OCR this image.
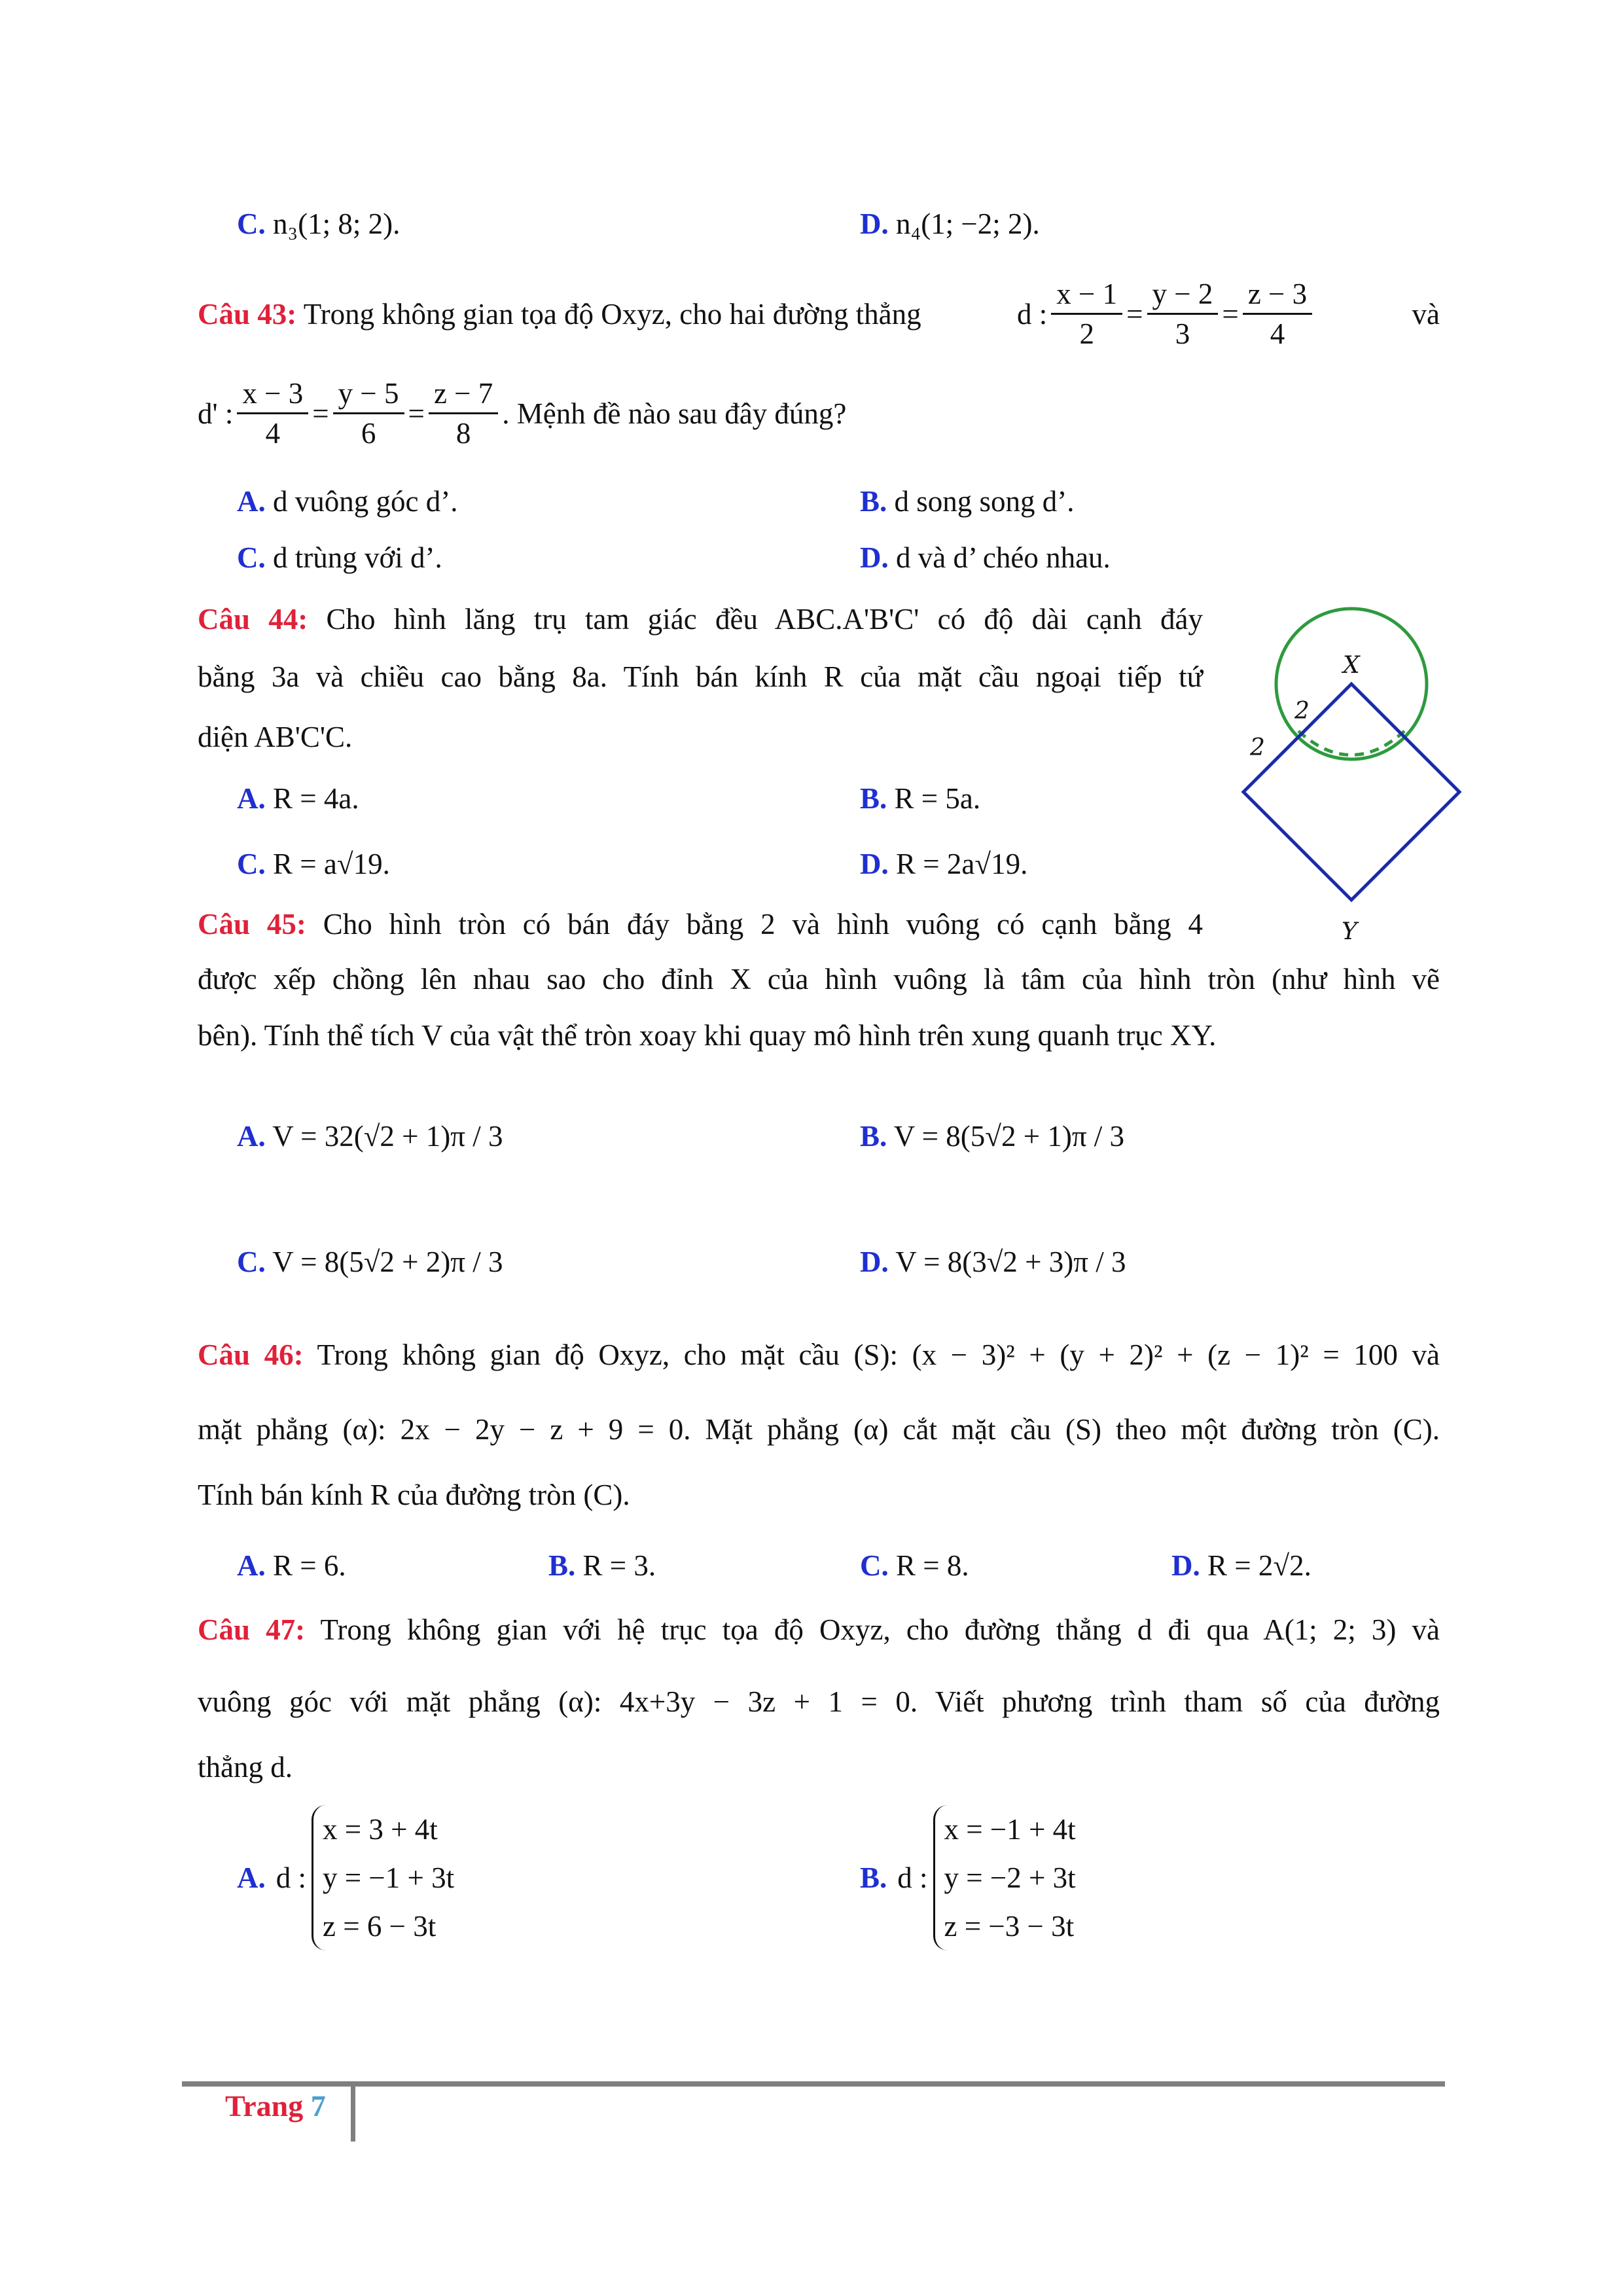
C. n₃(1; 8; 2).	D. n₄(1; −2; 2).
Câu 43: Trong không gian tọa độ Oxyz, cho hai đường thẳng	d : $\frac{x - 1}{2} = \frac{y - 2}{3} = \frac{z - 3}{4}$	và
d' : $\frac{x - 3}{4} = \frac{y - 5}{6} = \frac{z - 7}{8}$ . Mệnh đề nào sau đây đúng?
A. d vuông góc d’.	B. d song song d’.
C. d trùng với d’.	D. d và d’ chéo nhau.
Câu 44: Cho hình lăng trụ tam giác đều ABC.A'B'C' có độ dài cạnh đáy
bằng 3a và chiều cao bằng 8a. Tính bán kính R của mặt cầu ngoại tiếp tứ
diện AB'C'C.
A. R = 4a.	B. R = 5a.
C. R = a√19.	D. R = 2a√19.
X
Y
2
2
Câu 45: Cho hình tròn có bán đáy bằng 2 và hình vuông có cạnh bằng 4
được xếp chồng lên nhau sao cho đỉnh X của hình vuông là tâm của hình tròn (như hình vẽ
bên). Tính thể tích V của vật thể tròn xoay khi quay mô hình trên xung quanh trục XY.
A. V = 32(√2 + 1)π / 3	B. V = 8(5√2 + 1)π / 3
C. V = 8(5√2 + 2)π / 3	D. V = 8(3√2 + 3)π / 3
Câu 46: Trong không gian độ Oxyz, cho mặt cầu (S): (x − 3)² + (y + 2)² + (z − 1)² = 100 và
mặt phẳng (α): 2x − 2y − z + 9 = 0. Mặt phẳng (α) cắt mặt cầu (S) theo một đường tròn (C).
Tính bán kính R của đường tròn (C).
A. R = 6.	B. R = 3.	C. R = 8.	D. R = 2√2.
Câu 47: Trong không gian với hệ trục tọa độ Oxyz, cho đường thẳng d đi qua A(1; 2; 3) và
vuông góc với mặt phẳng (α): 4x+3y − 3z + 1 = 0. Viết phương trình tham số của đường
thẳng d.
A. d :
x = 3 + 4t
y = −1 + 3t
z = 6 − 3t
B. d :
x = −1 + 4t
y = −2 + 3t
z = −3 − 3t
Trang 7
